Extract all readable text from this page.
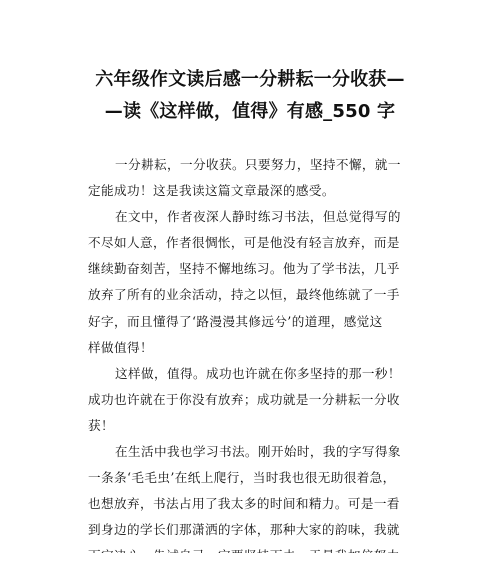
六年级作文读后感一分耕耘一分收获—
—读《这样做，值得》有感_550 字
一分耕耘，一分收获。只要努力，坚持不懈，就一
定能成功！这是我读这篇文章最深的感受。
在文中，作者夜深人静时练习书法，但总觉得写的
不尽如人意，作者很惆怅，可是他没有轻言放弃，而是
继续勤奋刻苦，坚持不懈地练习。他为了学书法，几乎
放弃了所有的业余活动，持之以恒，最终他练就了一手
好字，而且懂得了‘路漫漫其修远兮’的道理，感觉这
样做值得！
这样做，值得。成功也许就在你多坚持的那一秒！
成功也许就在于你没有放弃；成功就是一分耕耘一分收
获！
在生活中我也学习书法。刚开始时，我的字写得象
一条条‘毛毛虫’在纸上爬行，当时我也很无助很着急，
也想放弃，书法占用了我太多的时间和精力。可是一看
到身边的学长们那潇洒的字体，那种大家的韵味，我就
